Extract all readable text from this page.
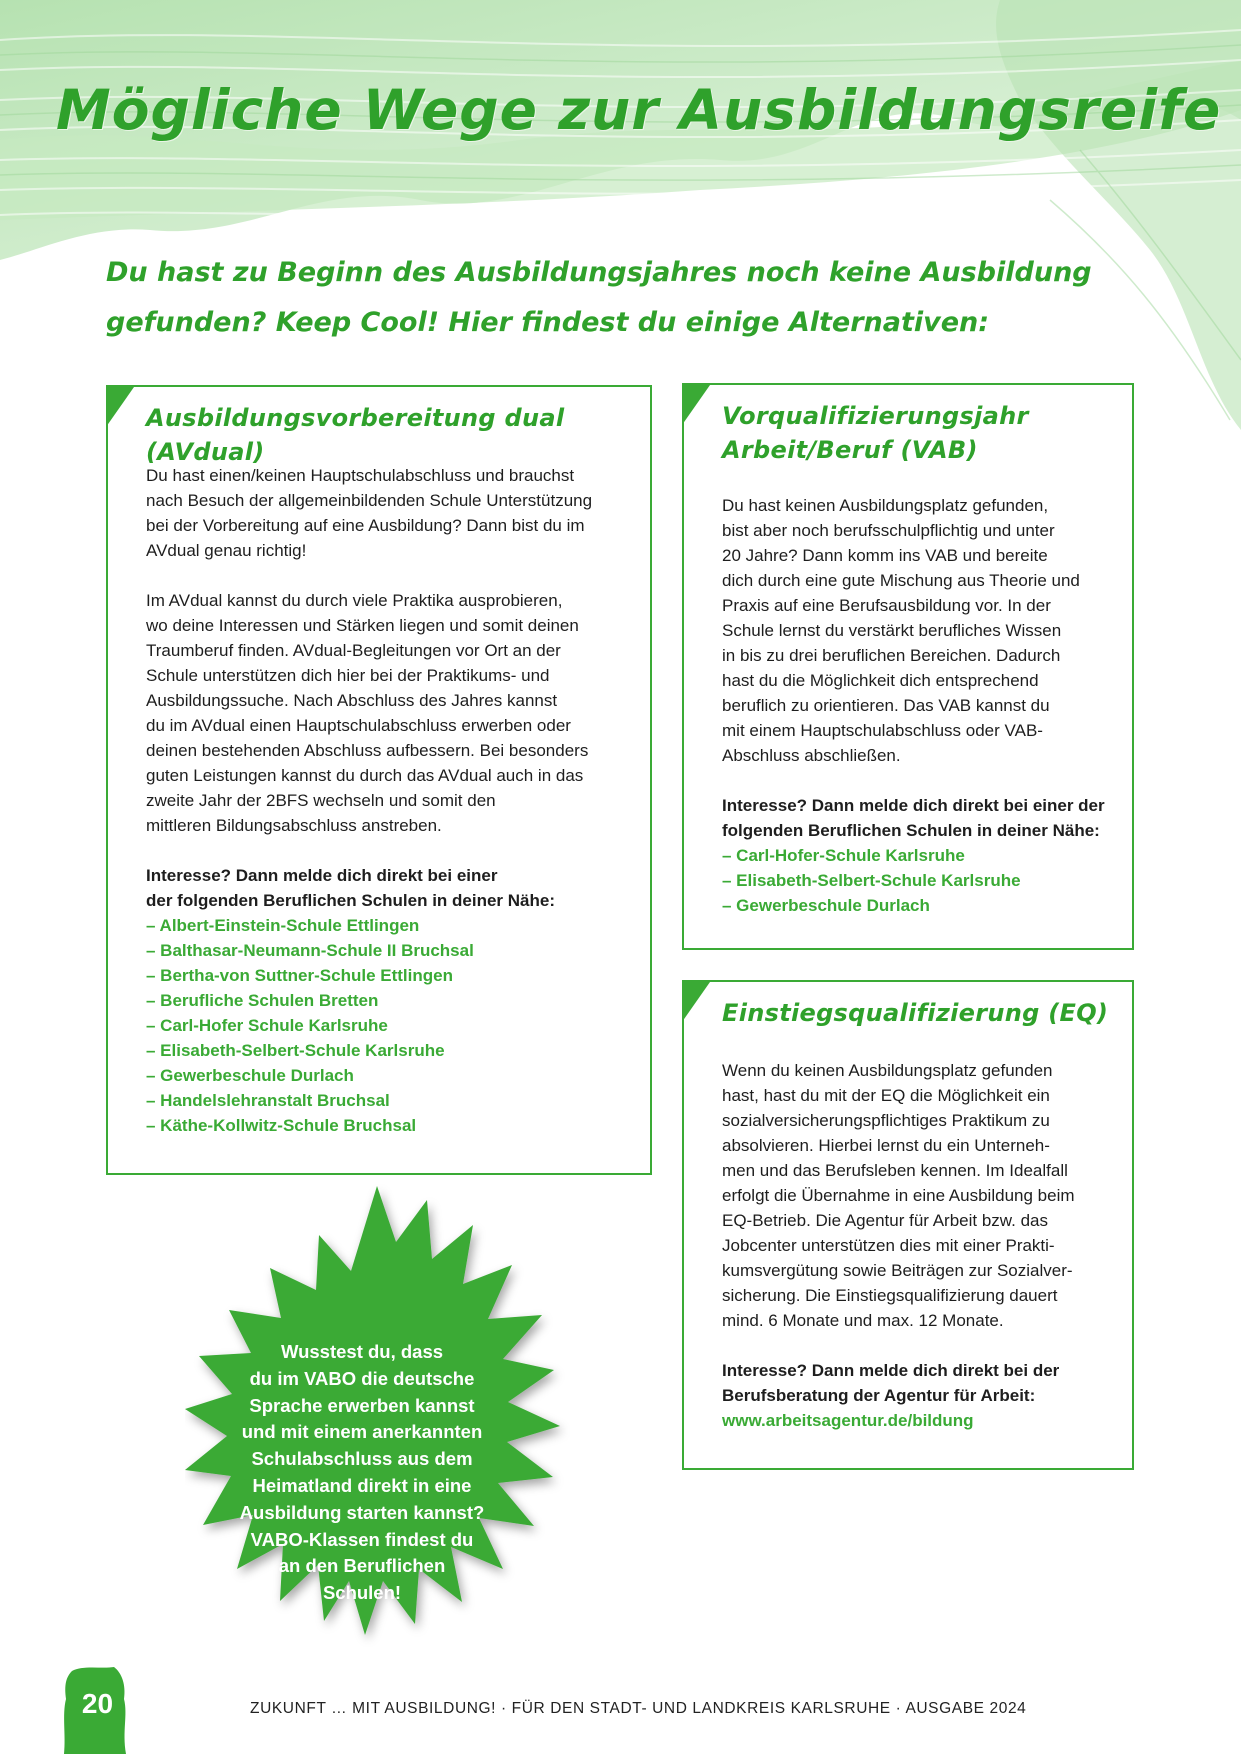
Mögliche Wege zur Ausbildungsreife
Du hast zu Beginn des Ausbildungsjahres noch keine Ausbildung
gefunden? Keep Cool! Hier findest du einige Alternativen:
Ausbildungsvorbereitung dual (AVdual)

Du hast einen/keinen Hauptschulabschluss und brauchst
nach Besuch der allgemeinbildenden Schule Unterstützung
bei der Vorbereitung auf eine Ausbildung? Dann bist du im
AVdual genau richtig!

Im AVdual kannst du durch viele Praktika ausprobieren,
wo deine Interessen und Stärken liegen und somit deinen
Traumberuf finden. AVdual-Begleitungen vor Ort an der
Schule unterstützen dich hier bei der Praktikums- und
Ausbildungssuche. Nach Abschluss des Jahres kannst
du im AVdual einen Hauptschulabschluss erwerben oder
deinen bestehenden Abschluss aufbessern. Bei besonders
guten Leistungen kannst du durch das AVdual auch in das
zweite Jahr der 2BFS wechseln und somit den
mittleren Bildungsabschluss anstreben.

Interesse? Dann melde dich direkt bei einer
der folgenden Beruflichen Schulen in deiner Nähe:

– Albert-Einstein-Schule Ettlingen
– Balthasar-Neumann-Schule II Bruchsal
– Bertha-von Suttner-Schule Ettlingen
– Berufliche Schulen Bretten
– Carl-Hofer Schule Karlsruhe
– Elisabeth-Selbert-Schule Karlsruhe
– Gewerbeschule Durlach
– Handelslehranstalt Bruchsal
– Käthe-Kollwitz-Schule Bruchsal
Vorqualifizierungsjahr
Arbeit/Beruf (VAB)

Du hast keinen Ausbildungsplatz gefunden,
bist aber noch berufsschulpflichtig und unter
20 Jahre? Dann komm ins VAB und bereite
dich durch eine gute Mischung aus Theorie und
Praxis auf eine Berufsausbildung vor. In der
Schule lernst du verstärkt berufliches Wissen
in bis zu drei beruflichen Bereichen. Dadurch
hast du die Möglichkeit dich entsprechend
beruflich zu orientieren. Das VAB kannst du
mit einem Hauptschulabschluss oder VAB-
Abschluss abschließen.

Interesse? Dann melde dich direkt bei einer der
folgenden Beruflichen Schulen in deiner Nähe:

– Carl-Hofer-Schule Karlsruhe
– Elisabeth-Selbert-Schule Karlsruhe
– Gewerbeschule Durlach
Einstiegsqualifizierung (EQ)

Wenn du keinen Ausbildungsplatz gefunden
hast, hast du mit der EQ die Möglichkeit ein
sozialversicherungspflichtiges Praktikum zu
absolvieren. Hierbei lernst du ein Unterneh-
men und das Berufsleben kennen. Im Idealfall
erfolgt die Übernahme in eine Ausbildung beim
EQ-Betrieb. Die Agentur für Arbeit bzw. das
Jobcenter unterstützen dies mit einer Prakti-
kumsvergütung sowie Beiträgen zur Sozialver-
sicherung. Die Einstiegsqualifizierung dauert
mind. 6 Monate und max. 12 Monate.

Interesse? Dann melde dich direkt bei der
Berufsberatung der Agentur für Arbeit:

www.arbeitsagentur.de/bildung
Wusstest du, dass
du im VABO die deutsche
Sprache erwerben kannst
und mit einem anerkannten
Schulabschluss aus dem
Heimatland direkt in eine
Ausbildung starten kannst?
VABO-Klassen findest du
an den Beruflichen
Schulen!
20	ZUKUNFT … MIT AUSBILDUNG! · FÜR DEN STADT- UND LANDKREIS KARLSRUHE · AUSGABE 2024
